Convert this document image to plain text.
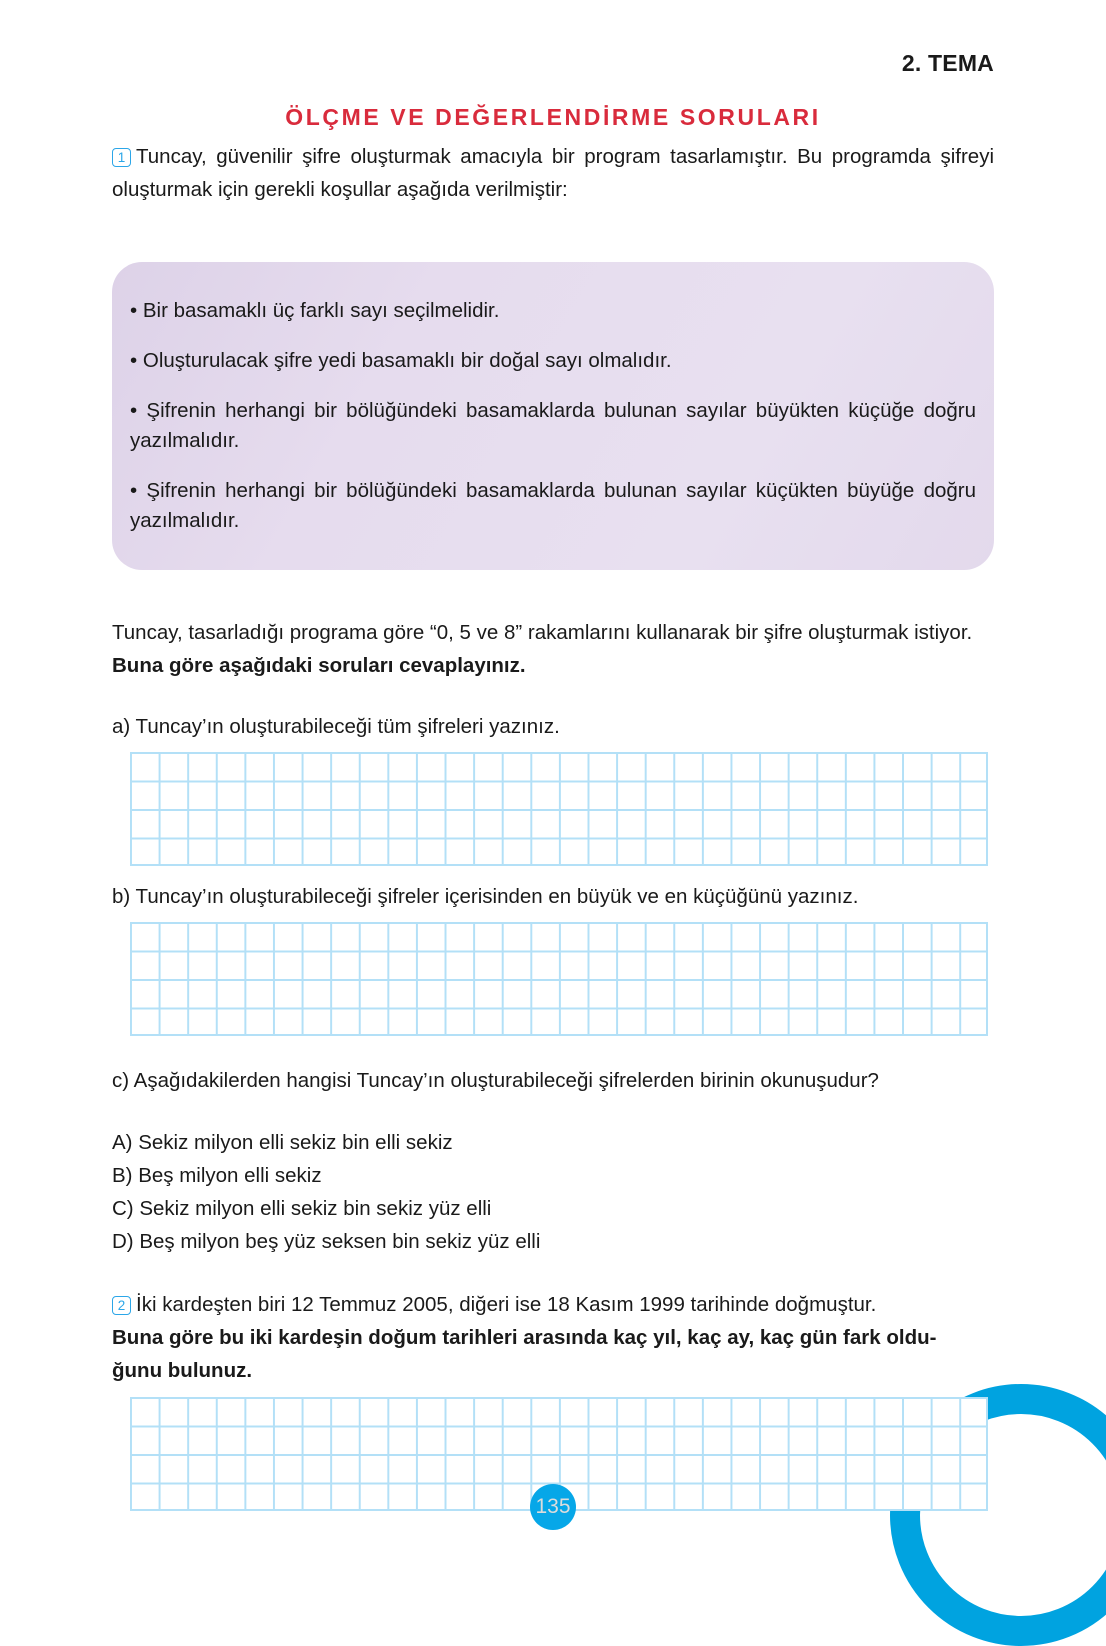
2. TEMA
ÖLÇME VE DEĞERLENDİRME SORULARI
1 Tuncay, güvenilir şifre oluşturmak amacıyla bir program tasarlamıştır. Bu programda şifreyi oluşturmak için gerekli koşullar aşağıda verilmiştir:

• Bir basamaklı üç farklı sayı seçilmelidir.

• Oluşturulacak şifre yedi basamaklı bir doğal sayı olmalıdır.

• Şifrenin herhangi bir bölüğündeki basamaklarda bulunan sayılar büyükten küçüğe doğru yazılmalıdır.

• Şifrenin herhangi bir bölüğündeki basamaklarda bulunan sayılar küçükten büyüğe doğru yazılmalıdır.

Tuncay, tasarladığı programa göre “0, 5 ve 8” rakamlarını kullanarak bir şifre oluşturmak istiyor.
Buna göre aşağıdaki soruları cevaplayınız.
a) Tuncay’ın oluşturabileceği tüm şifreleri yazınız.
b) Tuncay’ın oluşturabileceği şifreler içerisinden en büyük ve en küçüğünü yazınız.
c) Aşağıdakilerden hangisi Tuncay’ın oluşturabileceği şifrelerden birinin okunuşudur?
A) Sekiz milyon elli sekiz bin elli sekiz
B) Beş milyon elli sekiz
C) Sekiz milyon elli sekiz bin sekiz yüz elli
D) Beş milyon beş yüz seksen bin sekiz yüz elli
2 İki kardeşten biri 12 Temmuz 2005, diğeri ise 18 Kasım 1999 tarihinde doğmuştur.
Buna göre bu iki kardeşin doğum tarihleri arasında kaç yıl, kaç ay, kaç gün fark oldu-
ğunu bulunuz.
135
